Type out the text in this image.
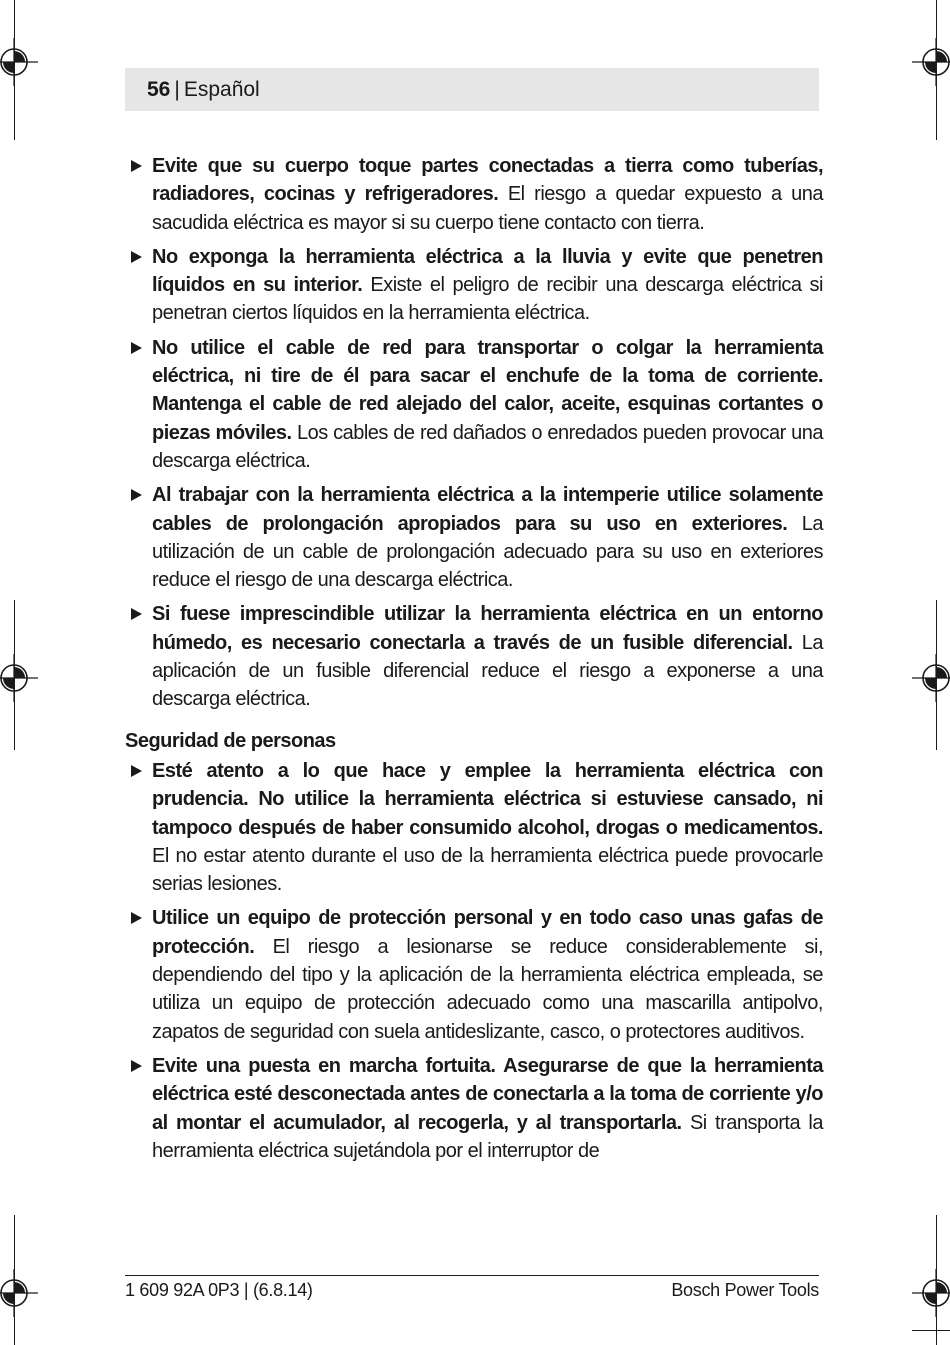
56 | Español
Evite que su cuerpo toque partes conectadas a tierra como tuberías, radiadores, cocinas y refrigeradores. El riesgo a quedar expuesto a una sacudida eléctrica es mayor si su cuerpo tiene contacto con tierra.
No exponga la herramienta eléctrica a la lluvia y evite que penetren líquidos en su interior. Existe el peligro de recibir una descarga eléctrica si penetran ciertos líquidos en la herramienta eléctrica.
No utilice el cable de red para transportar o colgar la herramienta eléctrica, ni tire de él para sacar el enchufe de la toma de corriente. Mantenga el cable de red alejado del calor, aceite, esquinas cortantes o piezas móviles. Los cables de red dañados o enredados pueden provocar una descarga eléctrica.
Al trabajar con la herramienta eléctrica a la intemperie utilice solamente cables de prolongación apropiados para su uso en exteriores. La utilización de un cable de prolongación adecuado para su uso en exteriores reduce el riesgo de una descarga eléctrica.
Si fuese imprescindible utilizar la herramienta eléctrica en un entorno húmedo, es necesario conectarla a través de un fusible diferencial. La aplicación de un fusible diferencial reduce el riesgo a exponerse a una descarga eléctrica.
Seguridad de personas
Esté atento a lo que hace y emplee la herramienta eléctrica con prudencia. No utilice la herramienta eléctrica si estuviese cansado, ni tampoco después de haber consumido alcohol, drogas o medicamentos. El no estar atento durante el uso de la herramienta eléctrica puede provocarle serias lesiones.
Utilice un equipo de protección personal y en todo caso unas gafas de protección. El riesgo a lesionarse se reduce considerablemente si, dependiendo del tipo y la aplicación de la herramienta eléctrica empleada, se utiliza un equipo de protección adecuado como una mascarilla antipolvo, zapatos de seguridad con suela antideslizante, casco, o protectores auditivos.
Evite una puesta en marcha fortuita. Asegurarse de que la herramienta eléctrica esté desconectada antes de conectarla a la toma de corriente y/o al montar el acumulador, al recogerla, y al transportarla. Si transporta la herramienta eléctrica sujetándola por el interruptor de
1 609 92A 0P3 | (6.8.14)	Bosch Power Tools
